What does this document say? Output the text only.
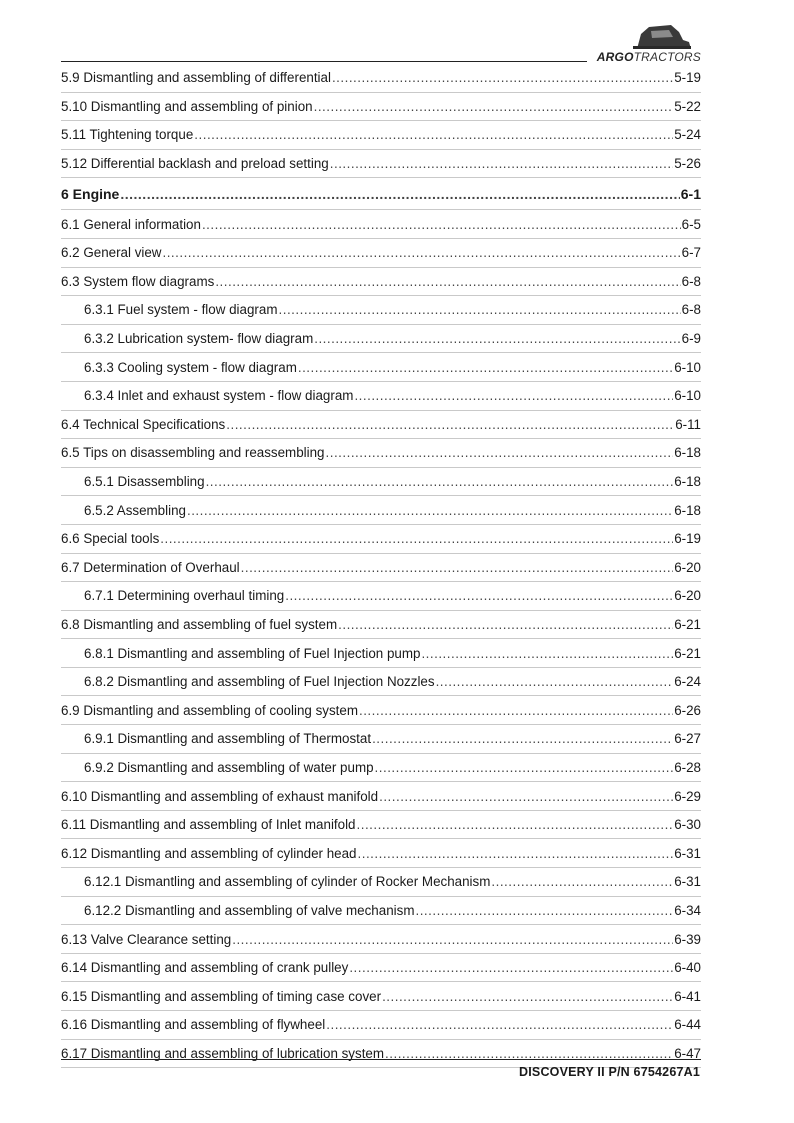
ARGOTRACTORS
5.9 Dismantling and assembling of differential .....	5-19
5.10 Dismantling and assembling of pinion .....	5-22
5.11 Tightening torque .....	5-24
5.12 Differential backlash and preload setting .....	5-26
6 Engine .....	6-1
6.1 General information .....	6-5
6.2 General view .....	6-7
6.3 System flow diagrams .....	6-8
6.3.1 Fuel system - flow diagram .....	6-8
6.3.2 Lubrication system- flow diagram .....	6-9
6.3.3 Cooling system - flow diagram .....	6-10
6.3.4 Inlet and exhaust system - flow diagram .....	6-10
6.4 Technical Specifications .....	6-11
6.5 Tips on disassembling and reassembling .....	6-18
6.5.1 Disassembling .....	6-18
6.5.2 Assembling .....	6-18
6.6 Special tools .....	6-19
6.7 Determination of Overhaul .....	6-20
6.7.1 Determining overhaul timing .....	6-20
6.8 Dismantling and assembling of fuel system .....	6-21
6.8.1 Dismantling and assembling of Fuel Injection pump .....	6-21
6.8.2 Dismantling and assembling of Fuel Injection Nozzles .....	6-24
6.9 Dismantling and assembling of cooling system .....	6-26
6.9.1 Dismantling and assembling of Thermostat .....	6-27
6.9.2 Dismantling and assembling of water pump .....	6-28
6.10 Dismantling and assembling of exhaust manifold .....	6-29
6.11 Dismantling and assembling of Inlet manifold .....	6-30
6.12 Dismantling and assembling of cylinder head .....	6-31
6.12.1 Dismantling and assembling of cylinder of Rocker Mechanism .....	6-31
6.12.2 Dismantling and assembling of valve mechanism .....	6-34
6.13 Valve Clearance setting .....	6-39
6.14 Dismantling and assembling of crank pulley .....	6-40
6.15 Dismantling and assembling of timing case cover .....	6-41
6.16 Dismantling and assembling of flywheel .....	6-44
6.17 Dismantling and assembling of lubrication system .....	6-47
DISCOVERY II P/N 6754267A1
